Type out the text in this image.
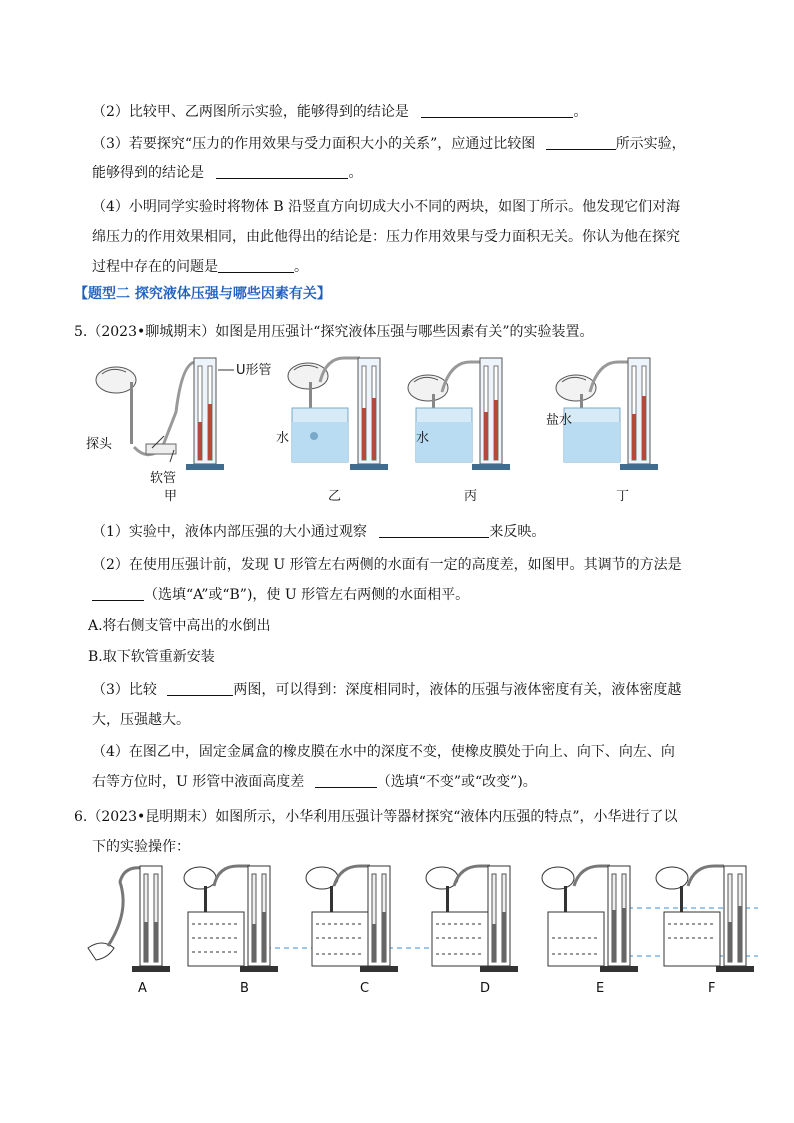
（2）比较甲、乙两图所示实验，能够得到的结论是	。
（3）若要探究“压力的作用效果与受力面积大小的关系”，应通过比较图	所示实验，
能够得到的结论是	。
（4）小明同学实验时将物体 B 沿竖直方向切成大小不同的两块，如图丁所示。他发现它们对海
绵压力的作用效果相同，由此他得出的结论是：压力作用效果与受力面积无关。你认为他在探究
过程中存在的问题是	。
【题型二 探究液体压强与哪些因素有关】
5.（2023•聊城期末）如图是用压强计“探究液体压强与哪些因素有关”的实验装置。
U形管
探头
软管
甲
水
乙
水
丙
盐水
丁
（1）实验中，液体内部压强的大小通过观察	来反映。
（2）在使用压强计前，发现 U 形管左右两侧的水面有一定的高度差，如图甲。其调节的方法是
（选填“A”或“B”)，使 U 形管左右两侧的水面相平。
A.将右侧支管中高出的水倒出
B.取下软管重新安装
（3）比较	两图，可以得到：深度相同时，液体的压强与液体密度有关，液体密度越
大，压强越大。
（4）在图乙中，固定金属盒的橡皮膜在水中的深度不变，使橡皮膜处于向上、向下、向左、向
右等方位时，U 形管中液面高度差	（选填“不变”或“改变”)。
6.（2023•昆明期末）如图所示，小华利用压强计等器材探究“液体内压强的特点”，小华进行了以
下的实验操作：
A	B	C	D	E	F
